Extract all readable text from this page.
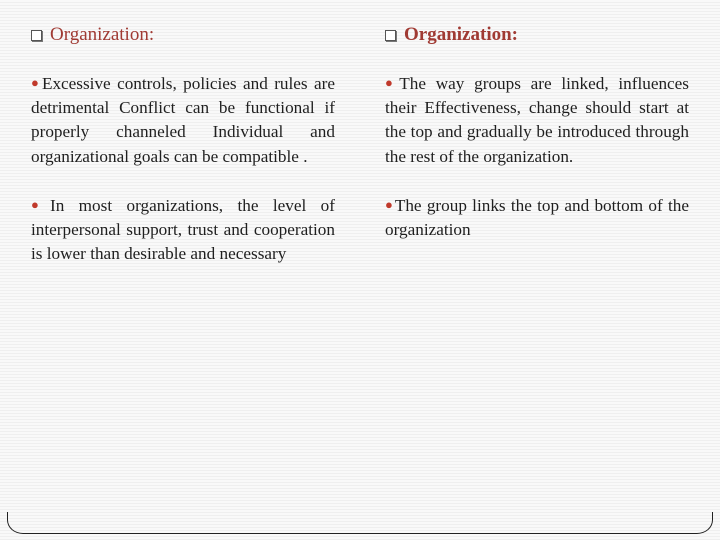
Organization:

●Excessive controls, policies and rules are detrimental Conflict can be functional if properly channeled Individual and organizational goals can be compatible .

●In most organizations, the level of interpersonal support, trust and cooperation is lower than desirable and necessary

Organization:

●The way groups are linked, influences their Effectiveness, change should start at the top and gradually be introduced through the rest of the organization.

●The group links the top and bottom of the organization
